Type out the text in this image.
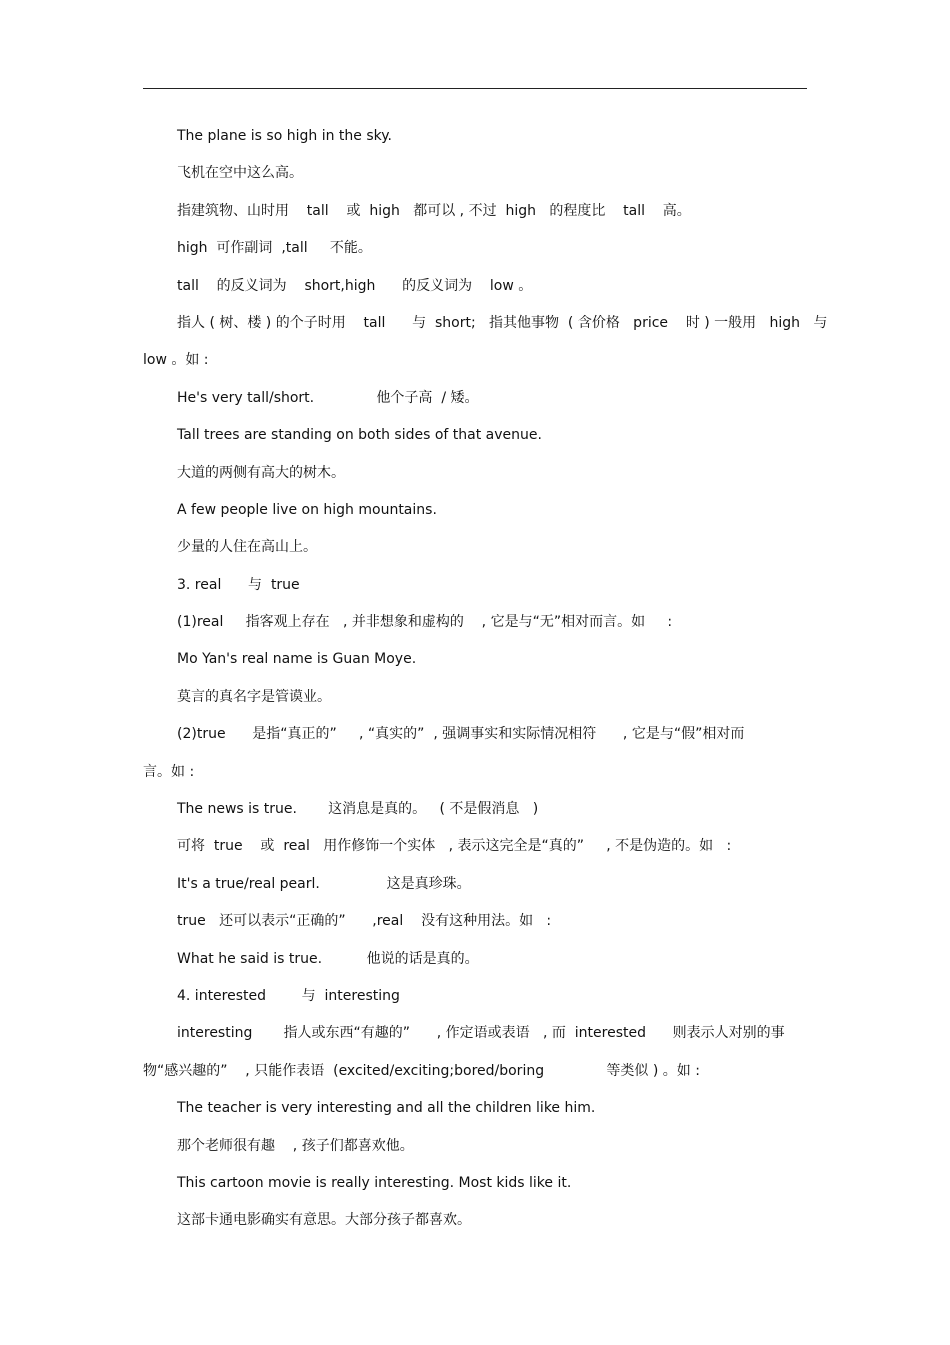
The plane is so high in the sky.
飞机在空中这么高。
指建筑物、山时用    tall    或  high   都可以 , 不过  high   的程度比    tall    高。
high  可作副词  ,tall     不能。
tall    的反义词为    short,high      的反义词为    low 。
指人 ( 树、楼 ) 的个子时用    tall      与  short;   指其他事物  ( 含价格   price    时 ) 一般用   high   与
low 。如 :
He's very tall/short.              他个子高  / 矮。
Tall trees are standing on both sides of that avenue.
大道的两侧有高大的树木。
A few people live on high mountains.
少量的人住在高山上。
3. real      与  true
(1)real     指客观上存在   , 并非想象和虚构的    , 它是与“无”相对而言。如     :
Mo Yan's real name is Guan Moye.
莫言的真名字是管谟业。
(2)true      是指“真正的”     , “真实的”  , 强调事实和实际情况相符      , 它是与“假”相对而
言。如 :
The news is true.       这消息是真的。   ( 不是假消息   )
可将  true    或  real   用作修饰一个实体   , 表示这完全是“真的”     , 不是伪造的。如   :
It's a true/real pearl.               这是真珍珠。
true   还可以表示“正确的”      ,real    没有这种用法。如   :
What he said is true.          他说的话是真的。
4. interested        与  interesting
interesting       指人或东西“有趣的”      , 作定语或表语   , 而  interested      则表示人对别的事
物“感兴趣的”    , 只能作表语  (excited/exciting;bored/boring              等类似 ) 。如 :
The teacher is very interesting and all the children like him.
那个老师很有趣    , 孩子们都喜欢他。
This cartoon movie is really interesting. Most kids like it.
这部卡通电影确实有意思。大部分孩子都喜欢。
